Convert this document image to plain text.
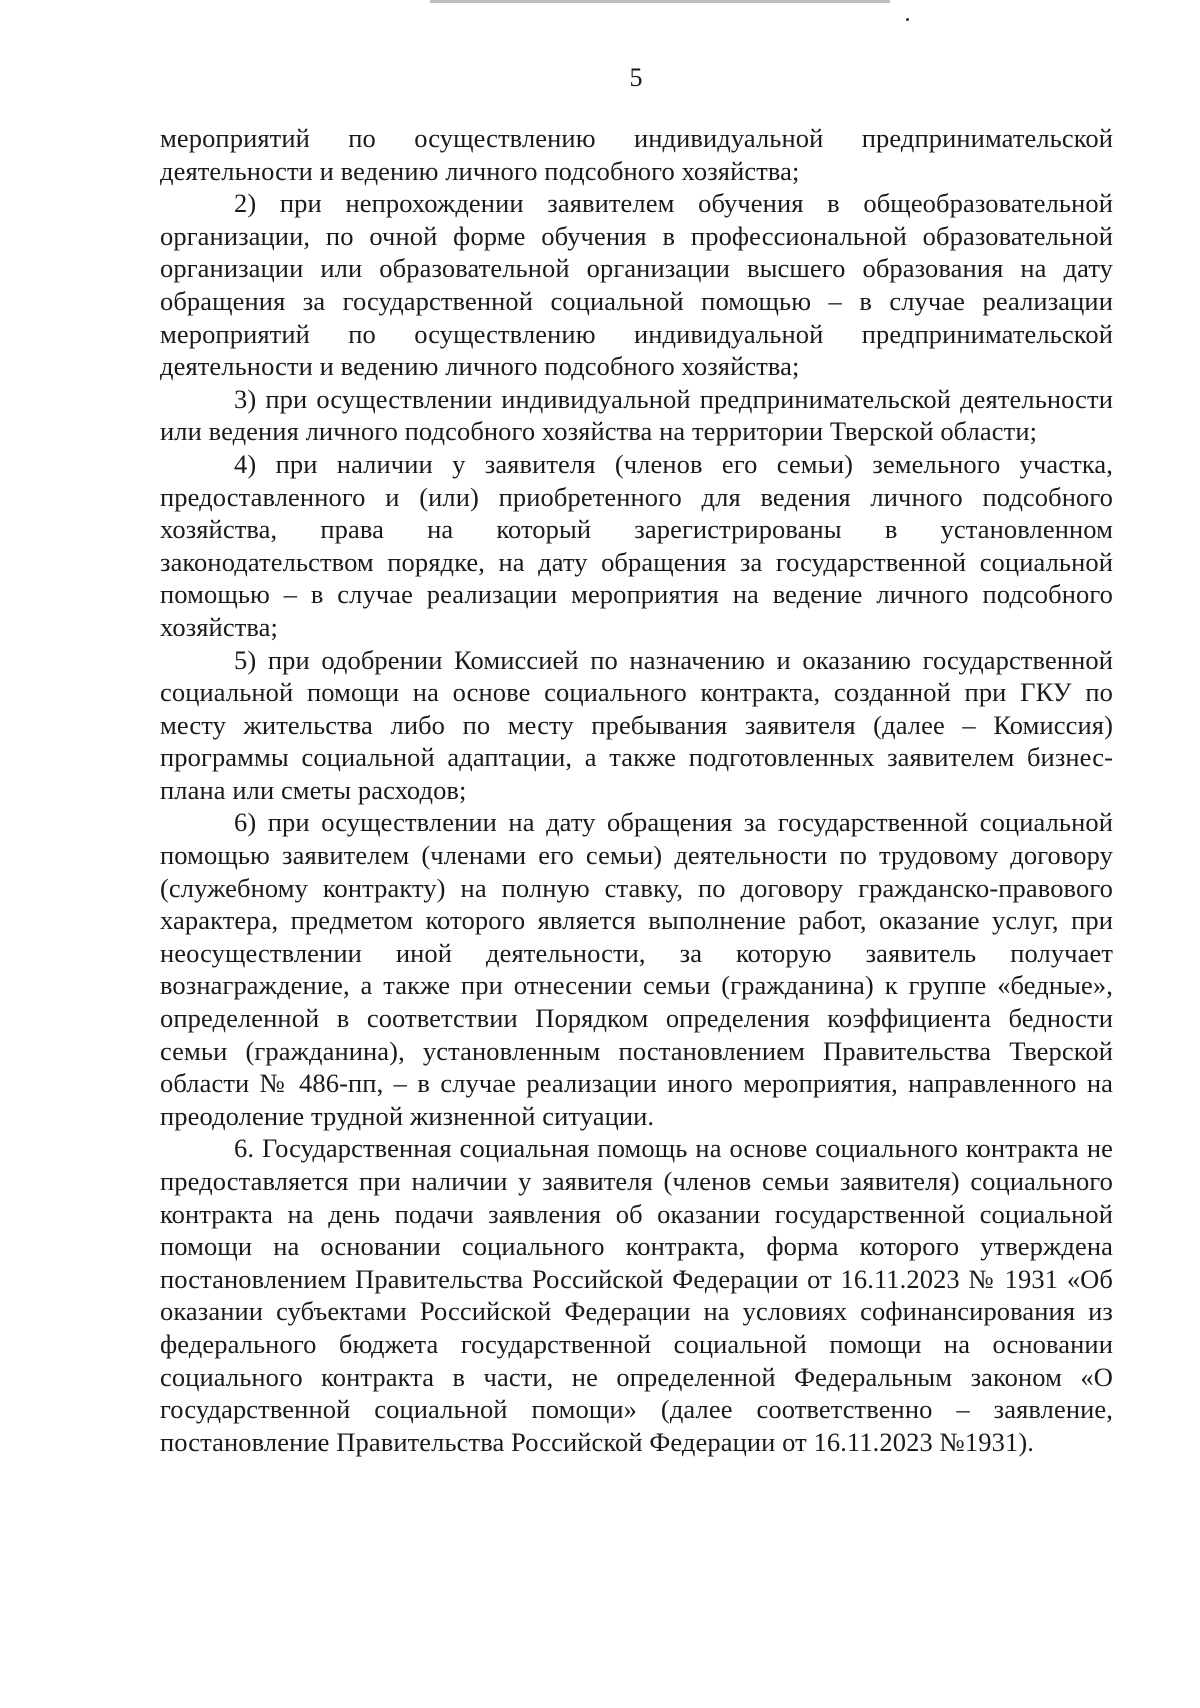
5

мероприятий по осуществлению индивидуальной предпринимательской деятельности и ведению личного подсобного хозяйства;

2) при непрохождении заявителем обучения в общеобразовательной организации, по очной форме обучения в профессиональной образовательной организации или образовательной организации высшего образования на дату обращения за государственной социальной помощью – в случае реализации мероприятий по осуществлению индивидуальной предпринимательской деятельности и ведению личного подсобного хозяйства;

3) при осуществлении индивидуальной предпринимательской деятельности или ведения личного подсобного хозяйства на территории Тверской области;

4) при наличии у заявителя (членов его семьи) земельного участка, предоставленного и (или) приобретенного для ведения личного подсобного хозяйства, права на который зарегистрированы в установленном законодательством порядке, на дату обращения за государственной социальной помощью – в случае реализации мероприятия на ведение личного подсобного хозяйства;

5) при одобрении Комиссией по назначению и оказанию государственной социальной помощи на основе социального контракта, созданной при ГКУ по месту жительства либо по месту пребывания заявителя (далее – Комиссия) программы социальной адаптации, а также подготовленных заявителем бизнес-плана или сметы расходов;

6) при осуществлении на дату обращения за государственной социальной помощью заявителем (членами его семьи) деятельности по трудовому договору (служебному контракту) на полную ставку, по договору гражданско-правового характера, предметом которого является выполнение работ, оказание услуг, при неосуществлении иной деятельности, за которую заявитель получает вознаграждение, а также при отнесении семьи (гражданина) к группе «бедные», определенной в соответствии Порядком определения коэффициента бедности семьи (гражданина), установленным постановлением Правительства Тверской области № 486-пп, – в случае реализации иного мероприятия, направленного на преодоление трудной жизненной ситуации.

6. Государственная социальная помощь на основе социального контракта не предоставляется при наличии у заявителя (членов семьи заявителя) социального контракта на день подачи заявления об оказании государственной социальной помощи на основании социального контракта, форма которого утверждена постановлением Правительства Российской Федерации от 16.11.2023 № 1931 «Об оказании субъектами Российской Федерации на условиях софинансирования из федерального бюджета государственной социальной помощи на основании социального контракта в части, не определенной Федеральным законом «О государственной социальной помощи» (далее соответственно – заявление, постановление Правительства Российской Федерации от 16.11.2023 №1931).
